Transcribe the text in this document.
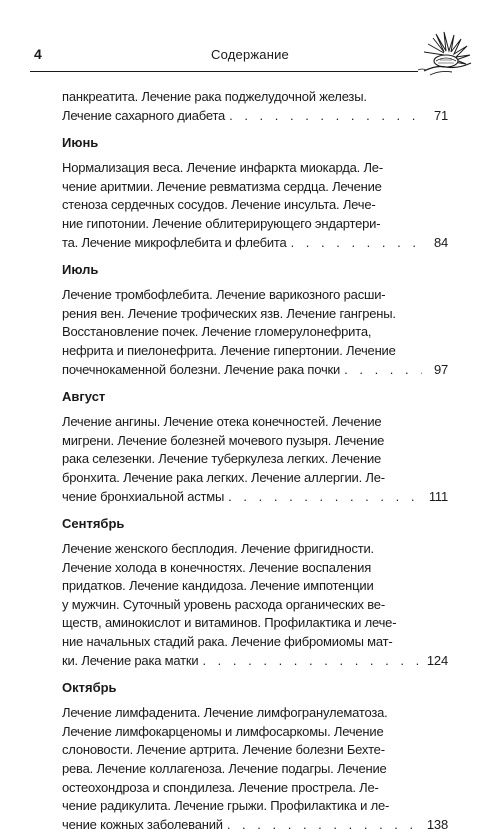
4	Содержание
панкреатита. Лечение рака поджелудочной железы.
Лечение сахарного диабета . . .	71
Июнь
Нормализация веса. Лечение инфаркта миокарда. Ле-
чение аритмии. Лечение ревматизма сердца. Лечение
стеноза сердечных сосудов. Лечение инсульта. Лече-
ние гипотонии. Лечение облитерирующего эндартери-
та. Лечение микрофлебита и флебита . . .	84
Июль
Лечение тромбофлебита. Лечение варикозного расши-
рения вен. Лечение трофических язв. Лечение гангрены.
Восстановление почек. Лечение гломерулонефрита,
нефрита и пиелонефрита. Лечение гипертонии. Лечение
почечнокаменной болезни. Лечение рака почки . . .	97
Август
Лечение ангины. Лечение отека конечностей. Лечение
мигрени. Лечение болезней мочевого пузыря. Лечение
рака селезенки. Лечение туберкулеза легких. Лечение
бронхита. Лечение рака легких. Лечение аллергии. Ле-
чение бронхиальной астмы . . .	111
Сентябрь
Лечение женского бесплодия. Лечение фригидности.
Лечение холода в конечностях. Лечение воспаления
придатков. Лечение кандидоза. Лечение импотенции
у мужчин. Суточный уровень расхода органических ве-
ществ, аминокислот и витаминов. Профилактика и лече-
ние начальных стадий рака. Лечение фибромиомы мат-
ки. Лечение рака матки . . .	124
Октябрь
Лечение лимфаденита. Лечение лимфогранулематоза.
Лечение лимфокарценомы и лимфосаркомы. Лечение
слоновости. Лечение артрита. Лечение болезни Бехте-
рева. Лечение коллагеноза. Лечение подагры. Лечение
остеохондроза и спондилеза. Лечение прострела. Ле-
чение радикулита. Лечение грыжи. Профилактика и ле-
чение кожных заболеваний . . .	138
